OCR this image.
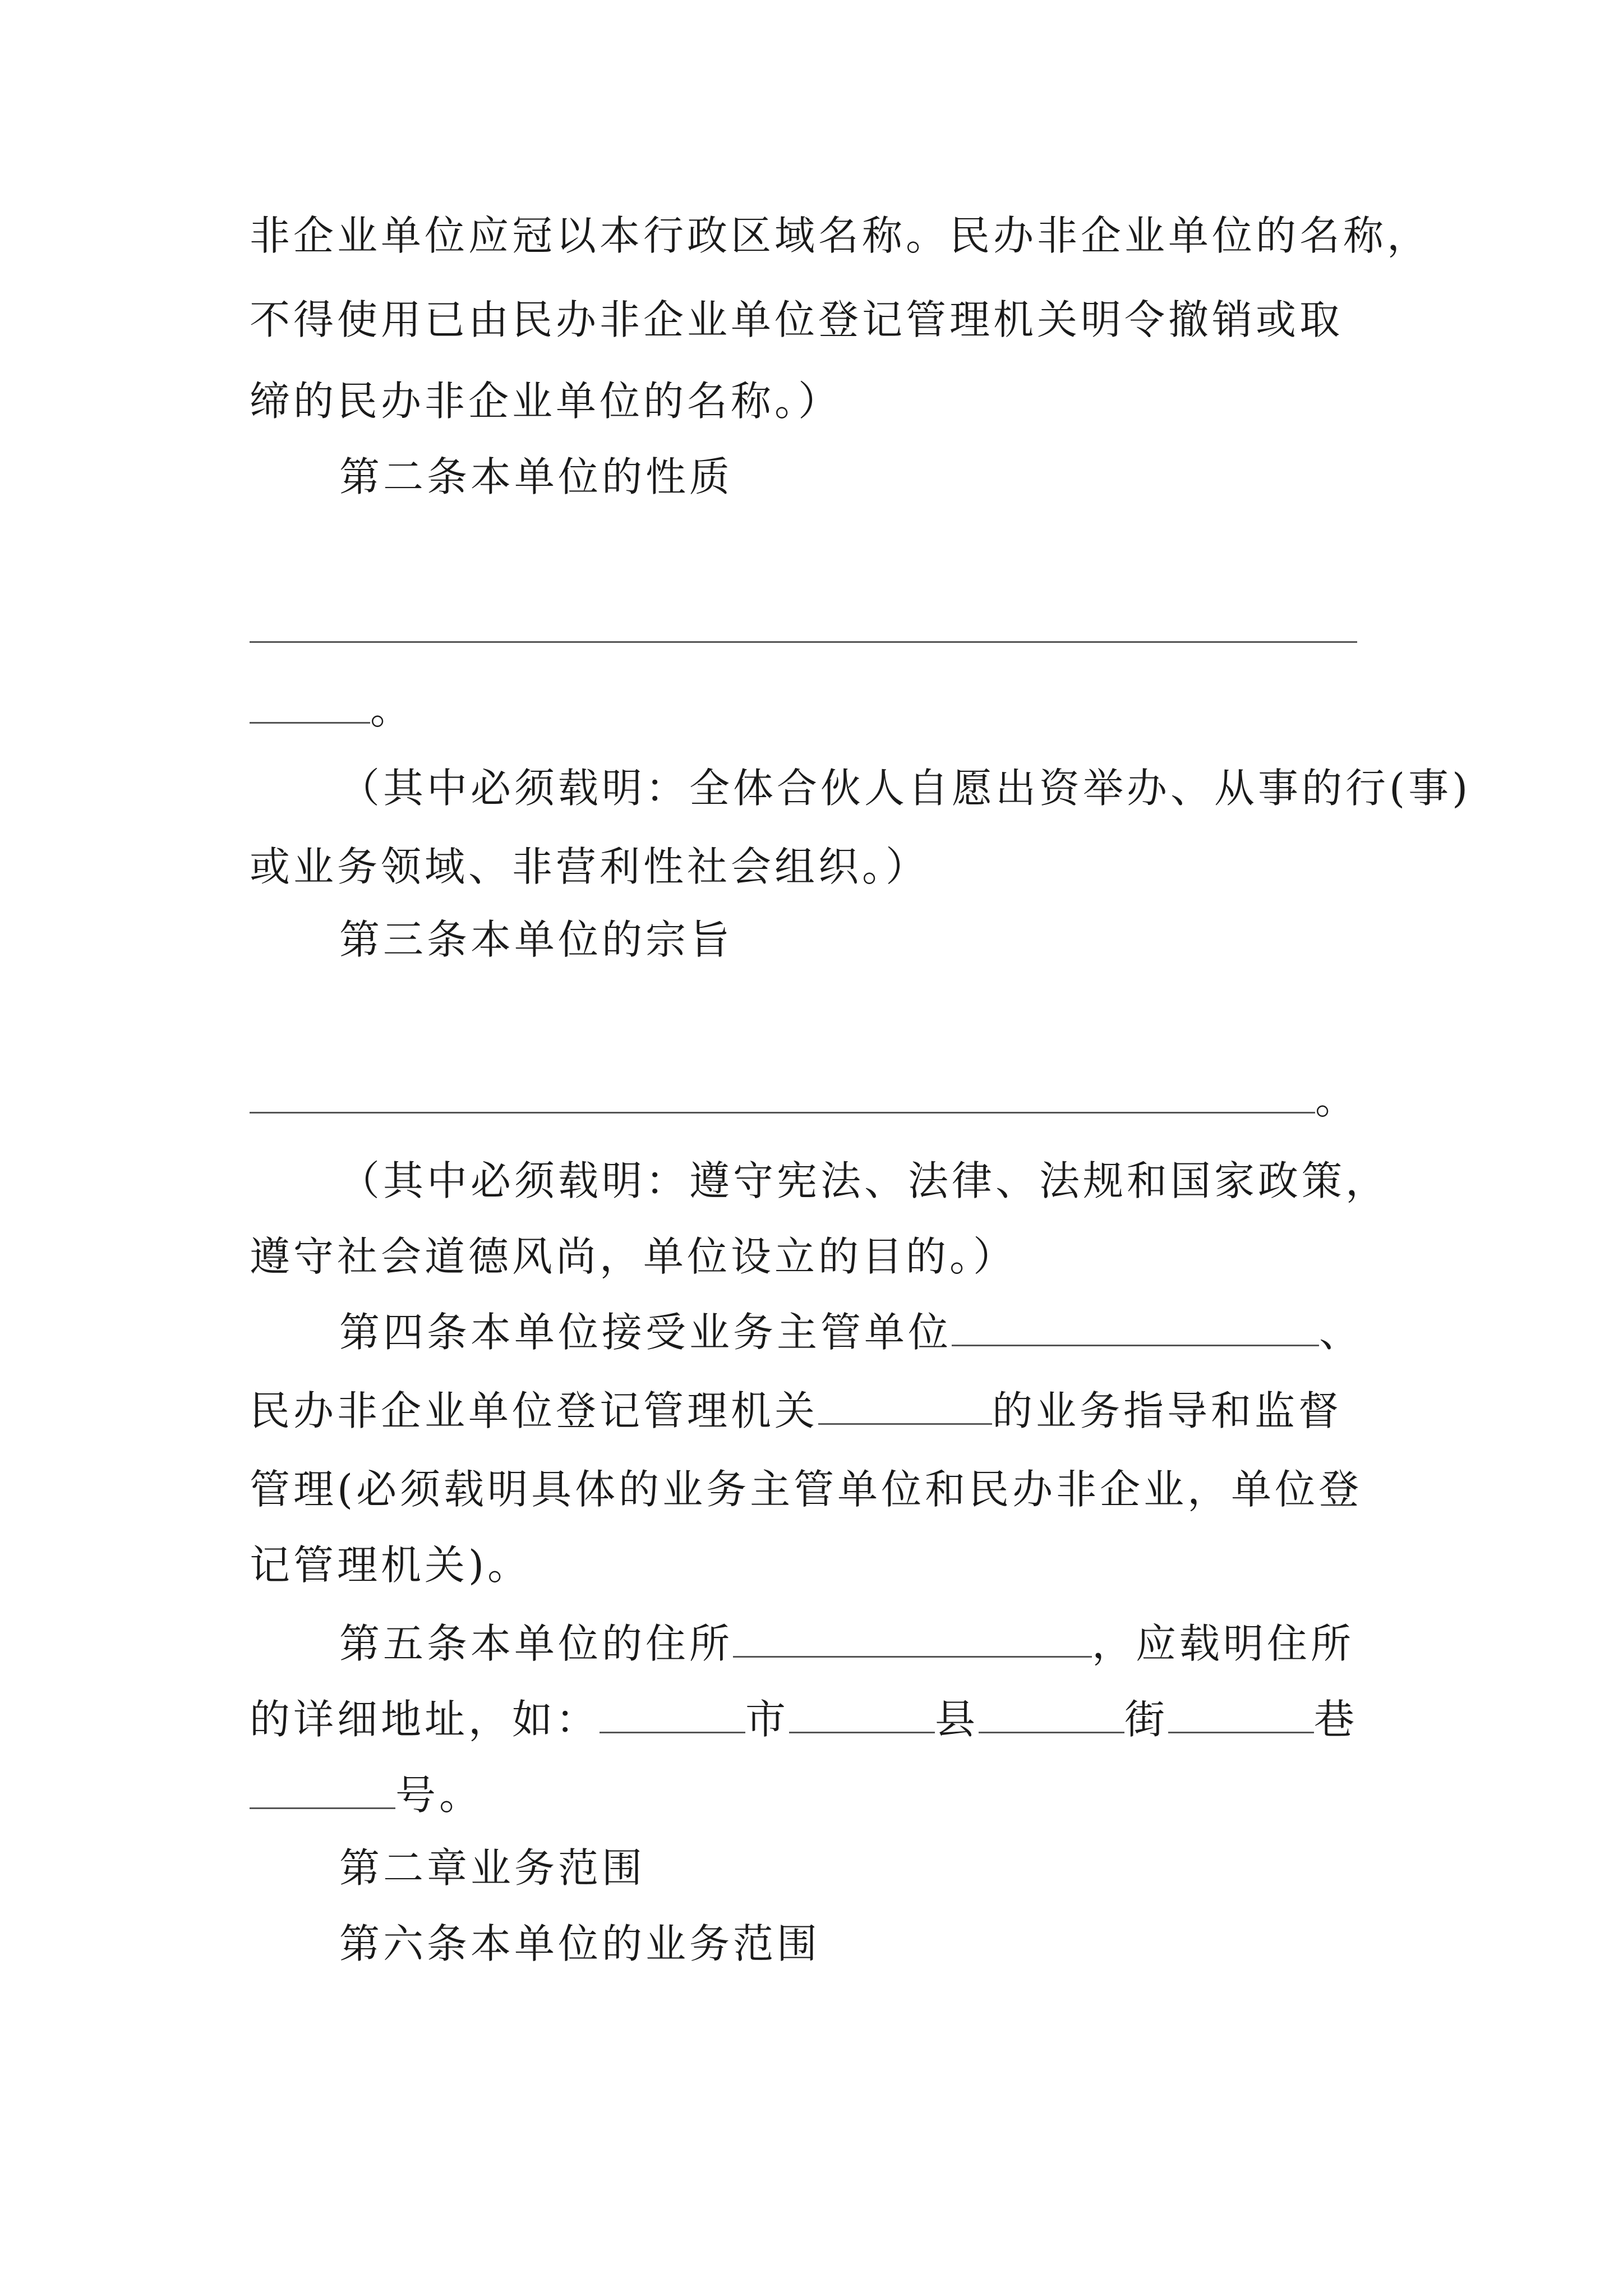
非企业单位应冠以本行政区域名称。民办非企业单位的名称，
不得使用已由民办非企业单位登记管理机关明令撤销或取
缔的民办非企业单位的名称。）
第二条本单位的性质
。
（其中必须载明：全体合伙人自愿出资举办、从事的行(事)
或业务领域、非营利性社会组织。）
第三条本单位的宗旨
。
（其中必须载明：遵守宪法、法律、法规和国家政策，
遵守社会道德风尚，单位设立的目的。）
第四条本单位接受业务主管单位	、
民办非企业单位登记管理机关	的业务指导和监督
管理(必须载明具体的业务主管单位和民办非企业，单位登
记管理机关)。
第五条本单位的住所	，应载明住所
的详细地址，如：	市	县	街	巷
号。
第二章业务范围
第六条本单位的业务范围
